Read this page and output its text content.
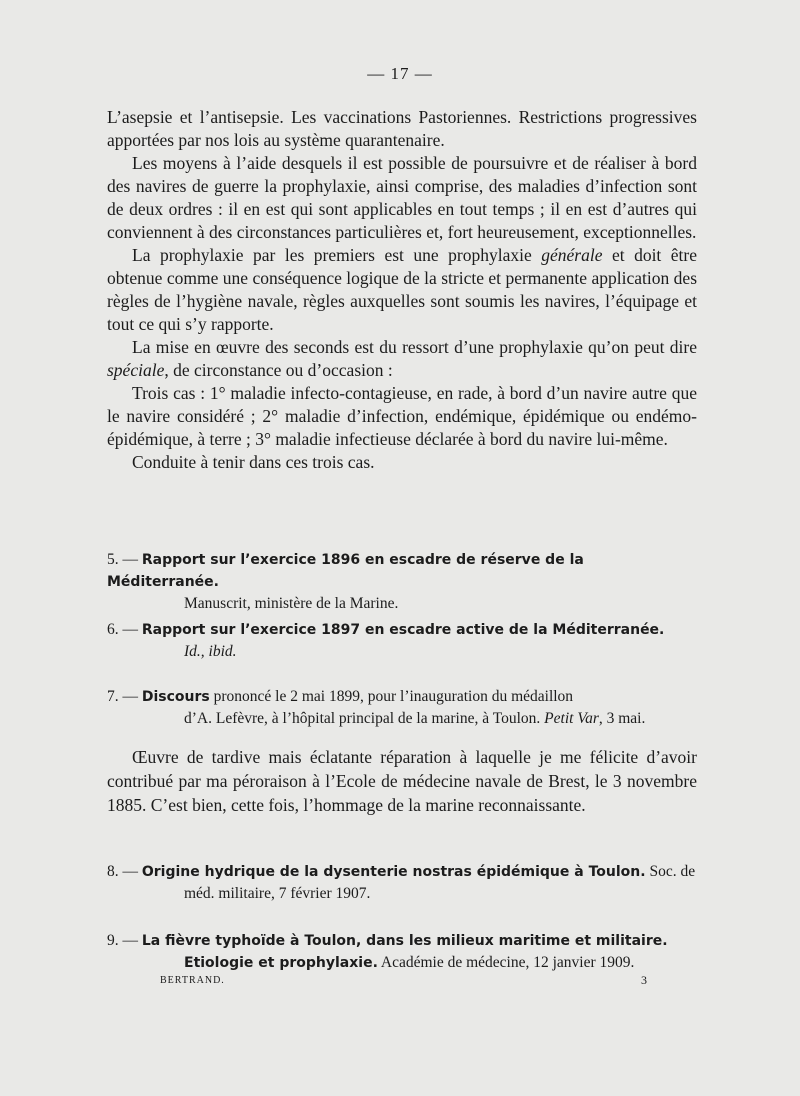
— 17 —

L’asepsie et l’antisepsie. Les vaccinations Pastoriennes. Restrictions progressives apportées par nos lois au système quarantenaire.

Les moyens à l’aide desquels il est possible de poursuivre et de réaliser à bord des navires de guerre la prophylaxie, ainsi comprise, des maladies d’infection sont de deux ordres : il en est qui sont applicables en tout temps ; il en est d’autres qui conviennent à des circonstances particulières et, fort heureusement, exceptionnelles.

La prophylaxie par les premiers est une prophylaxie générale et doit être obtenue comme une conséquence logique de la stricte et permanente application des règles de l’hygiène navale, règles auxquelles sont soumis les navires, l’équipage et tout ce qui s’y rapporte.

La mise en œuvre des seconds est du ressort d’une prophylaxie qu’on peut dire spéciale, de circonstance ou d’occasion :

Trois cas : 1° maladie infecto-contagieuse, en rade, à bord d’un navire autre que le navire considéré ; 2° maladie d’infection, endémique, épidémique ou endémo-épidémique, à terre ; 3° maladie infectieuse déclarée à bord du navire lui-même.

Conduite à tenir dans ces trois cas.

5. — Rapport sur l’exercice 1896 en escadre de réserve de la Méditerranée.
Manuscrit, ministère de la Marine.
6. — Rapport sur l’exercice 1897 en escadre active de la Méditerranée.
Id., ibid.
7. — Discours prononcé le 2 mai 1899, pour l’inauguration du médaillon
d’A. Lefèvre, à l’hôpital principal de la marine, à Toulon. Petit Var, 3 mai.

Œuvre de tardive mais éclatante réparation à laquelle je me félicite d’avoir contribué par ma péroraison à l’Ecole de médecine navale de Brest, le 3 novembre 1885. C’est bien, cette fois, l’hommage de la marine reconnaissante.

8. — Origine hydrique de la dysenterie nostras épidémique à Toulon. Soc. de
méd. militaire, 7 février 1907.
9. — La fièvre typhoïde à Toulon, dans les milieux maritime et militaire.
Etiologie et prophylaxie. Académie de médecine, 12 janvier 1909.
BERTRAND.	3
